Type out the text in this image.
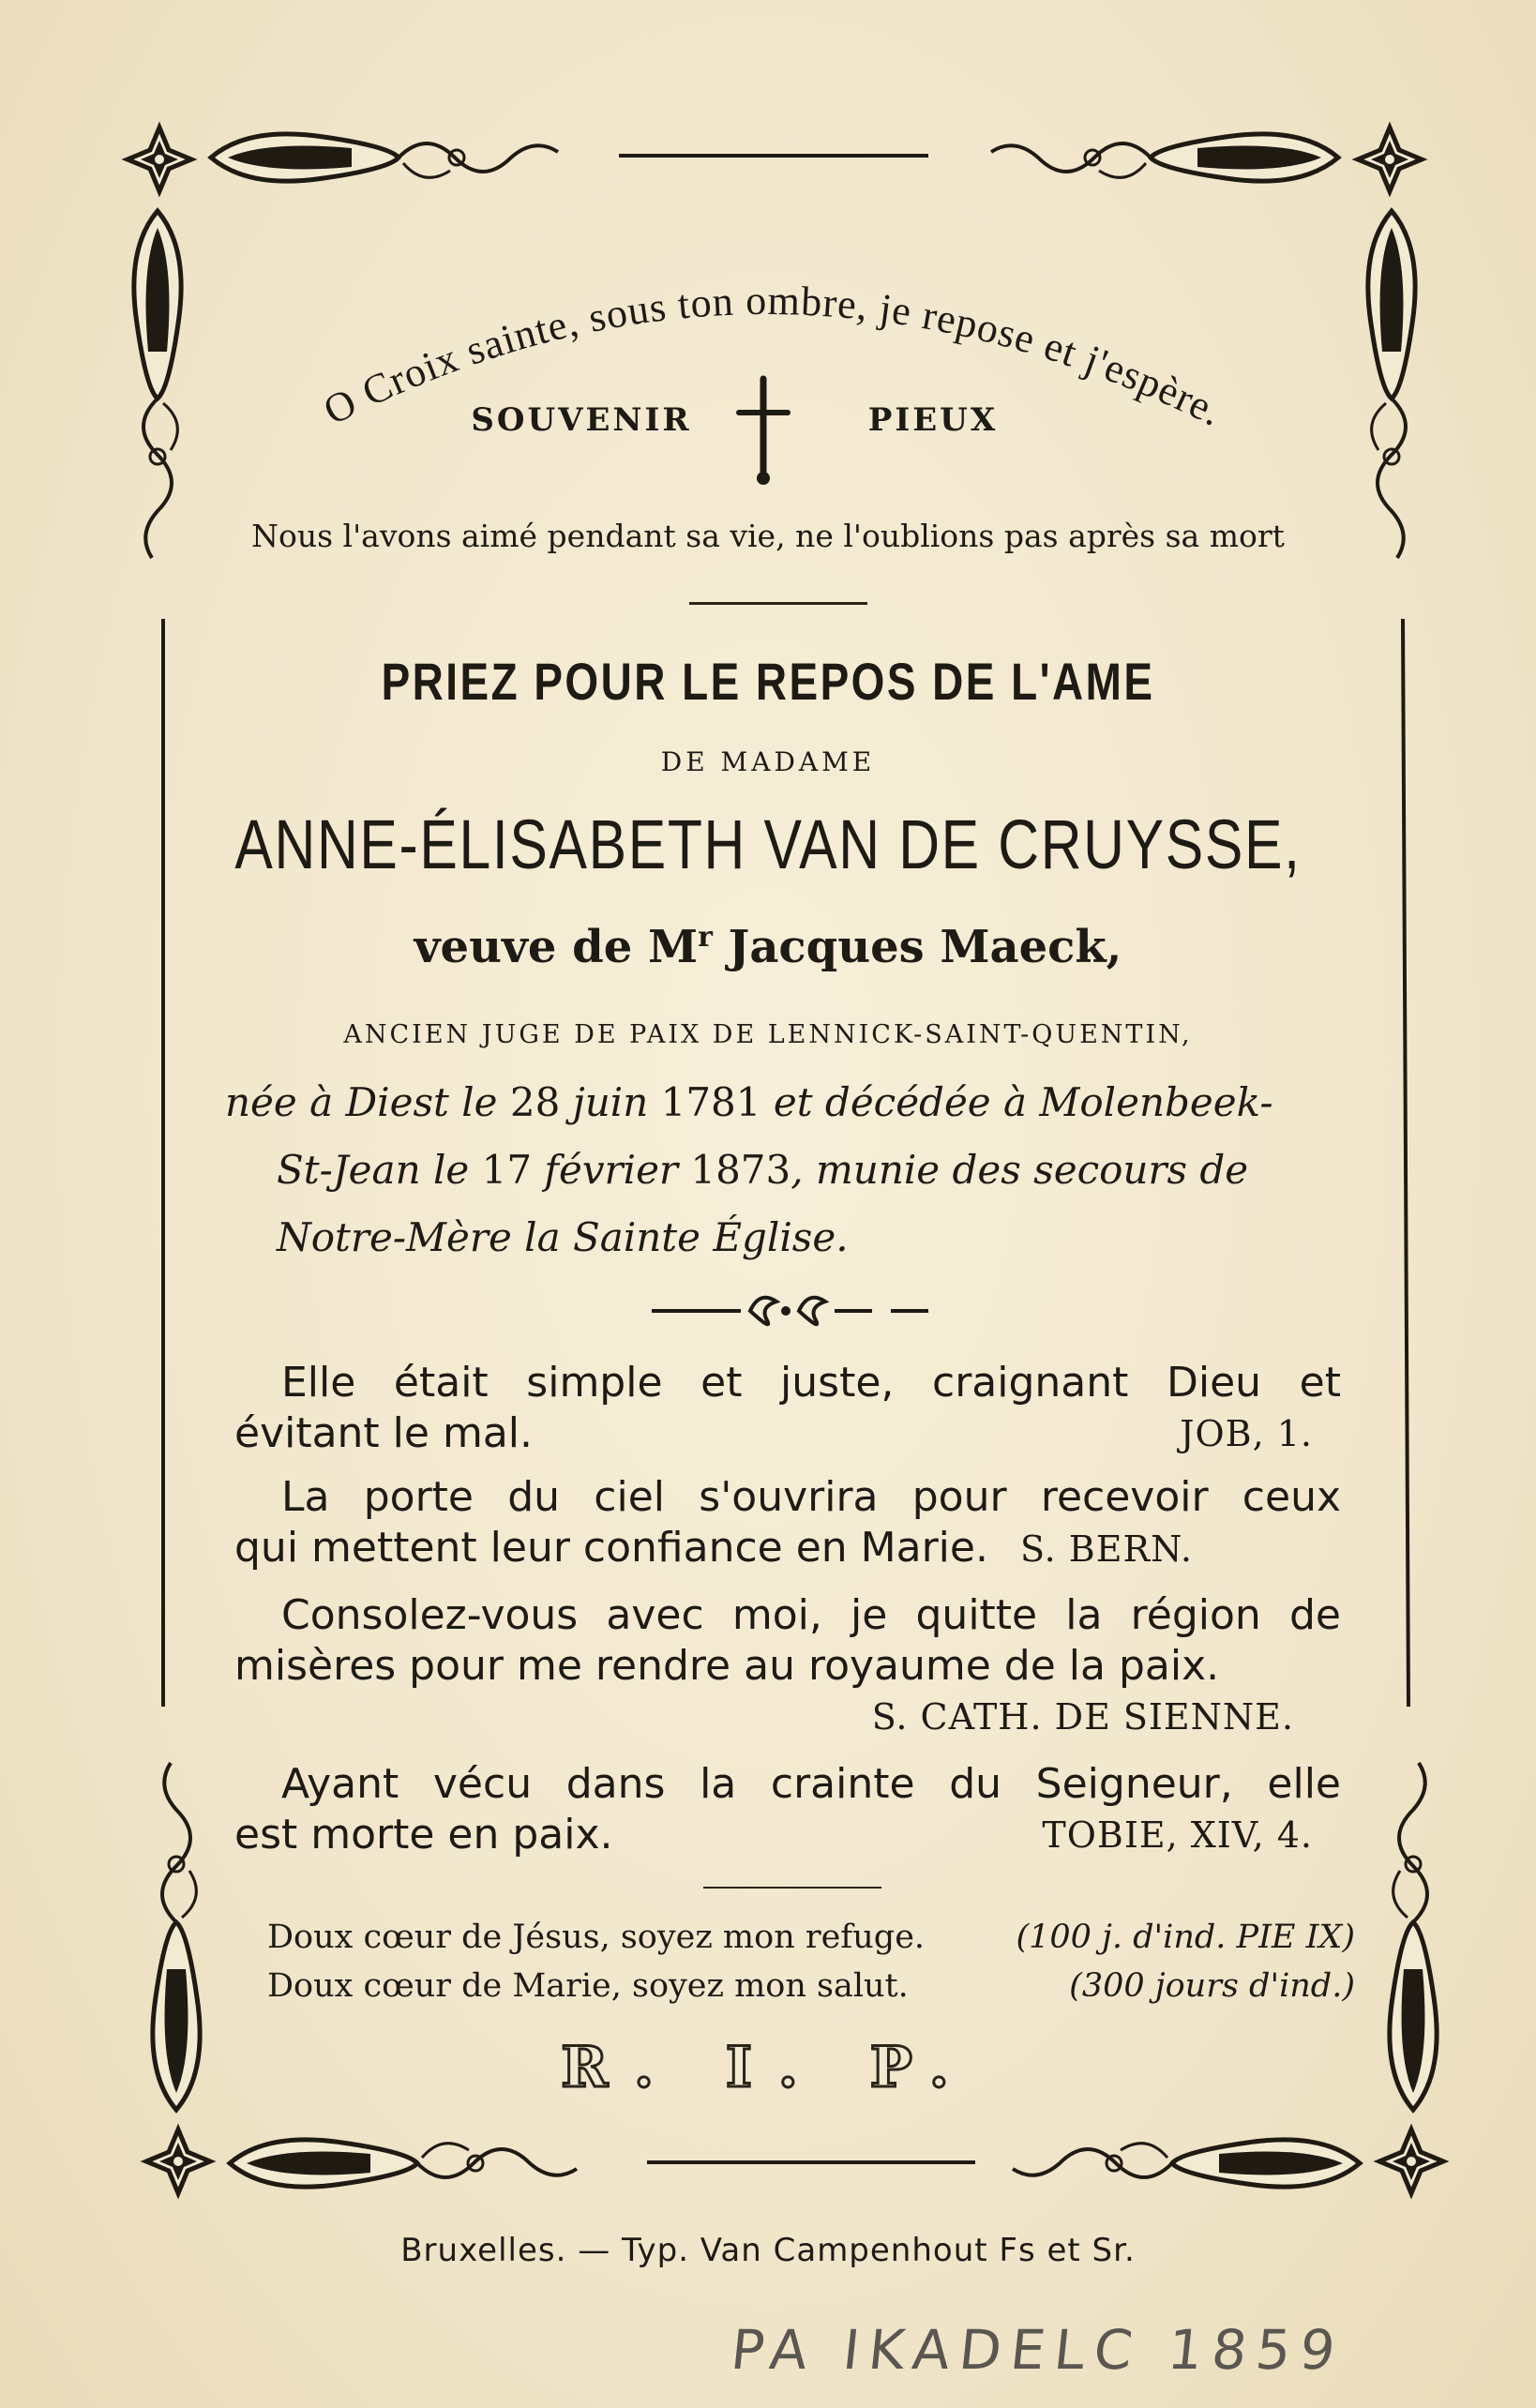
O Croix sainte, sous ton ombre, je repose et j'espère.
SOUVENIR	PIEUX

Nous l'avons aimé pendant sa vie, ne l'oublions pas après sa mort

PRIEZ POUR LE REPOS DE L'AME

DE MADAME

ANNE-ÉLISABETH VAN DE CRUYSSE,

veuve de $M^r$ Jacques Maeck,

ANCIEN JUGE DE PAIX DE LENNICK-SAINT-QUENTIN,

née à Diest le 28 juin 1781 et décédée à Molenbeek-

St-Jean le 17 février 1873, munie des secours de

Notre-Mère la Sainte Église.

Elle était simple et juste, craignant Dieu et
évitant le mal.	JOB, 1.

La porte du ciel s'ouvrira pour recevoir ceux
qui mettent leur confiance en Marie. S. BERN.

Consolez-vous avec moi, je quitte la région de
misères pour me rendre au royaume de la paix.
S. CATH. DE SIENNE.

Ayant vécu dans la crainte du Seigneur, elle
est morte en paix.	TOBIE, XIV, 4.

Doux cœur de Jésus, soyez mon refuge.	(100 j. d'ind. PIE IX)

Doux cœur de Marie, soyez mon salut.	(300 jours d'ind.)

R. I. P.

Bruxelles. — Typ. Van Campenhout Fs et Sr.

PA IKADELC 1859
